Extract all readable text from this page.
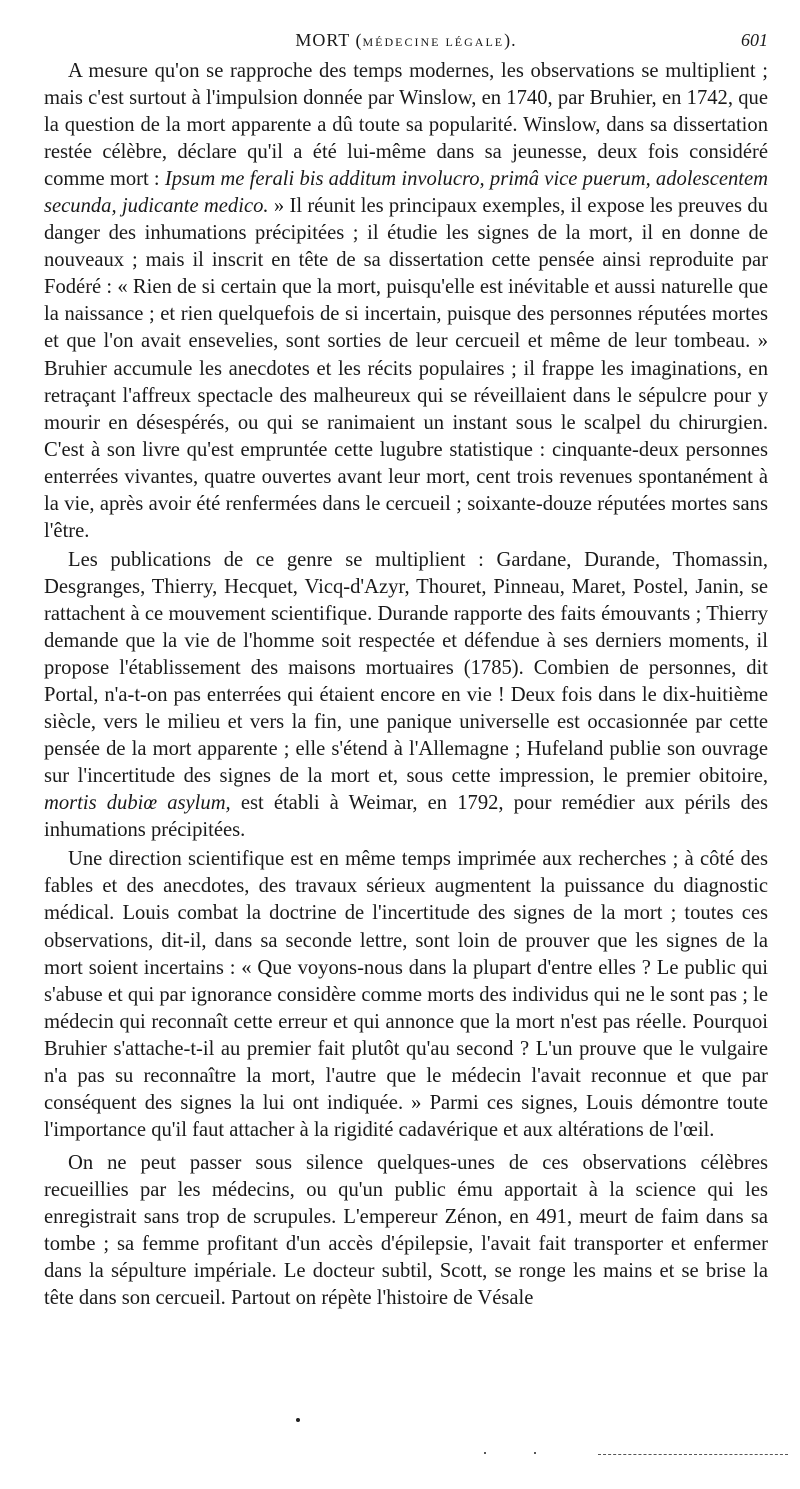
MORT (MÉDECINE LÉGALE).	601

A mesure qu'on se rapproche des temps modernes, les observations se multiplient ; mais c'est surtout à l'impulsion donnée par Winslow, en 1740, par Bruhier, en 1742, que la question de la mort apparente a dû toute sa popularité. Winslow, dans sa dissertation restée célèbre, déclare qu'il a été lui-même dans sa jeunesse, deux fois considéré comme mort : Ipsum me ferali bis additum involucro, primâ vice puerum, adolescentem secunda, judicante medico. » Il réunit les principaux exemples, il expose les preuves du danger des inhumations précipitées ; il étudie les signes de la mort, il en donne de nouveaux ; mais il inscrit en tête de sa dissertation cette pensée ainsi reproduite par Fodéré : « Rien de si certain que la mort, puisqu'elle est inévitable et aussi naturelle que la naissance ; et rien quelquefois de si incertain, puisque des personnes réputées mortes et que l'on avait ensevelies, sont sorties de leur cercueil et même de leur tombeau. » Bruhier accumule les anecdotes et les récits populaires ; il frappe les imaginations, en retraçant l'affreux spectacle des malheureux qui se réveillaient dans le sépulcre pour y mourir en désespérés, ou qui se ranimaient un instant sous le scalpel du chirurgien. C'est à son livre qu'est empruntée cette lugubre statistique : cinquante-deux personnes enterrées vivantes, quatre ouvertes avant leur mort, cent trois revenues spontanément à la vie, après avoir été renfermées dans le cercueil ; soixante-douze réputées mortes sans l'être.

Les publications de ce genre se multiplient : Gardane, Durande, Thomassin, Desgranges, Thierry, Hecquet, Vicq-d'Azyr, Thouret, Pinneau, Maret, Postel, Janin, se rattachent à ce mouvement scientifique. Durande rapporte des faits émouvants ; Thierry demande que la vie de l'homme soit respectée et défendue à ses derniers moments, il propose l'établissement des maisons mortuaires (1785). Combien de personnes, dit Portal, n'a-t-on pas enterrées qui étaient encore en vie ! Deux fois dans le dix-huitième siècle, vers le milieu et vers la fin, une panique universelle est occasionnée par cette pensée de la mort apparente ; elle s'étend à l'Allemagne ; Hufeland publie son ouvrage sur l'incertitude des signes de la mort et, sous cette impression, le premier obitoire, mortis dubiœ asylum, est établi à Weimar, en 1792, pour remédier aux périls des inhumations précipitées.

Une direction scientifique est en même temps imprimée aux recherches ; à côté des fables et des anecdotes, des travaux sérieux augmentent la puissance du diagnostic médical. Louis combat la doctrine de l'incertitude des signes de la mort ; toutes ces observations, dit-il, dans sa seconde lettre, sont loin de prouver que les signes de la mort soient incertains : « Que voyons-nous dans la plupart d'entre elles ? Le public qui s'abuse et qui par ignorance considère comme morts des individus qui ne le sont pas ; le médecin qui reconnaît cette erreur et qui annonce que la mort n'est pas réelle. Pourquoi Bruhier s'attache-t-il au premier fait plutôt qu'au second ? L'un prouve que le vulgaire n'a pas su reconnaître la mort, l'autre que le médecin l'avait reconnue et que par conséquent des signes la lui ont indiquée. » Parmi ces signes, Louis démontre toute l'importance qu'il faut attacher à la rigidité cadavérique et aux altérations de l'œil.

On ne peut passer sous silence quelques-unes de ces observations célèbres recueillies par les médecins, ou qu'un public ému apportait à la science qui les enregistrait sans trop de scrupules. L'empereur Zénon, en 491, meurt de faim dans sa tombe ; sa femme profitant d'un accès d'épilepsie, l'avait fait transporter et enfermer dans la sépulture impériale. Le docteur subtil, Scott, se ronge les mains et se brise la tête dans son cercueil. Partout on répète l'histoire de Vésale
